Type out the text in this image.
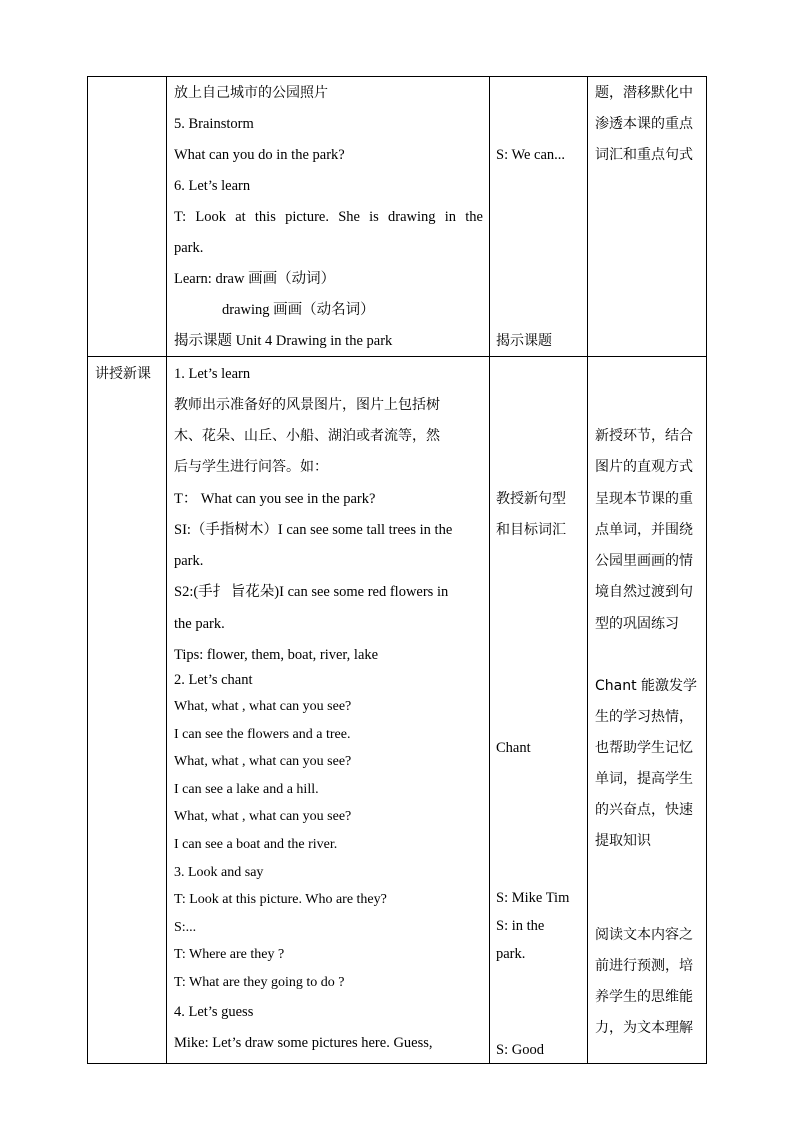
放上自己城市的公园照片
5. Brainstorm
What can you do in the park?
6. Let’s learn
T: Look at this picture. She is drawing in the
park.
Learn: draw 画画（动词）
drawing 画画（动名词）
揭示课题 Unit 4 Drawing in the park
S: We can...
揭示课题
题，潜移默化中
渗透本课的重点
词汇和重点句式
讲授新课 1. Let’s learn
教师出示准备好的风景图片，图片上包括树
木、花朵、山丘、小船、湖泊或者流等，然
后与学生进行问答。如：
T： What can you see in the park?
SI:（手指树木）I can see some tall trees in the
park.
S2:(手扌 旨花朵)I can see some red flowers in
the park.
Tips: flower, them, boat, river, lake
2. Let’s chant
What, what , what can you see?
I can see the flowers and a tree.
What, what , what can you see?
I can see a lake and a hill.
What, what , what can you see?
I can see a boat and the river.
3. Look and say
T: Look at this picture. Who are they?
S:...
T: Where are they ?
T: What are they going to do ?
4. Let’s guess
Mike: Let’s draw some pictures here. Guess,
教授新句型
和目标词汇
Chant
S: Mike Tim
S: in the
park.
S: Good
新授环节，结合
图片的直观方式
呈现本节课的重
点单词，并围绕
公园里画画的情
境自然过渡到句
型的巩固练习
Chant 能激发学
生的学习热情，
也帮助学生记忆
单词，提高学生
的兴奋点，快速
提取知识
阅读文本内容之
前进行预测，培
养学生的思维能
力，为文本理解
